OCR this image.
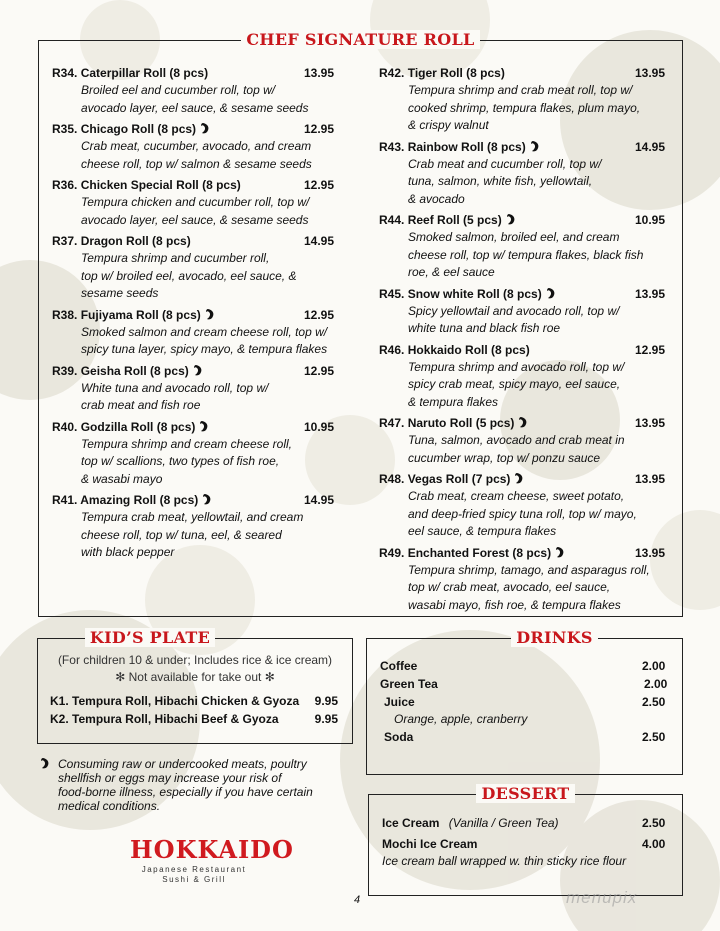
CHEF SIGNATURE ROLL
R34. Caterpillar Roll (8 pcs)	13.95
Broiled eel and cucumber roll, top w/
avocado layer, eel sauce, & sesame seeds
R35. Chicago Roll (8 pcs)	12.95
Crab meat, cucumber, avocado, and cream
cheese roll, top w/ salmon & sesame seeds
R36. Chicken Special Roll (8 pcs)	12.95
Tempura chicken and cucumber roll, top w/
avocado layer, eel sauce, & sesame seeds
R37. Dragon Roll (8 pcs)	14.95
Tempura shrimp and cucumber roll,
top w/ broiled eel, avocado, eel sauce, &
sesame seeds
R38. Fujiyama Roll (8 pcs)	12.95
Smoked salmon and cream cheese roll, top w/
spicy tuna layer, spicy mayo, & tempura flakes
R39. Geisha Roll (8 pcs)	12.95
White tuna and avocado roll, top w/
crab meat and fish roe
R40. Godzilla Roll (8 pcs)	10.95
Tempura shrimp and cream cheese roll,
top w/ scallions, two types of fish roe,
& wasabi mayo
R41. Amazing Roll (8 pcs)	14.95
Tempura crab meat, yellowtail, and cream
cheese roll, top w/ tuna, eel, & seared
with black pepper
R42. Tiger Roll (8 pcs)	13.95
Tempura shrimp and crab meat roll, top w/
cooked shrimp, tempura flakes, plum mayo,
& crispy walnut
R43. Rainbow Roll (8 pcs)	14.95
Crab meat and cucumber roll, top w/
tuna, salmon, white fish, yellowtail,
& avocado
R44. Reef Roll (5 pcs)	10.95
Smoked salmon, broiled eel, and cream
cheese roll, top w/ tempura flakes, black fish
roe, & eel sauce
R45. Snow white Roll (8 pcs)	13.95
Spicy yellowtail and avocado roll, top w/
white tuna and black fish roe
R46. Hokkaido Roll (8 pcs)	12.95
Tempura shrimp and avocado roll, top w/
spicy crab meat, spicy mayo, eel sauce,
& tempura flakes
R47. Naruto Roll (5 pcs)	13.95
Tuna, salmon, avocado and crab meat in
cucumber wrap, top w/ ponzu sauce
R48. Vegas Roll (7 pcs)	13.95
Crab meat, cream cheese, sweet potato,
and deep-fried spicy tuna roll, top w/ mayo,
eel sauce, & tempura flakes
R49. Enchanted Forest (8 pcs)	13.95
Tempura shrimp, tamago, and asparagus roll,
top w/ crab meat, avocado, eel sauce,
wasabi mayo, fish roe, & tempura flakes
KID’S PLATE
(For children 10 & under; Includes rice & ice cream)
✻ Not available for take out ✻
K1. Tempura Roll, Hibachi Chicken & Gyoza 9.95
K2. Tempura Roll, Hibachi Beef & Gyoza	9.95
DRINKS
Coffee	2.00
Green Tea	2.00
Juice	2.50
Orange, apple, cranberry
Soda	2.50
DESSERT
Ice Cream (Vanilla / Green Tea)	2.50
Mochi Ice Cream	4.00
Ice cream ball wrapped w. thin sticky rice flour
Consuming raw or undercooked meats, poultry
shellfish or eggs may increase your risk of
food-borne illness, especially if you have certain
medical conditions.
HOKKAIDO
Japanese Restaurant
Sushi & Grill
4	menupix
